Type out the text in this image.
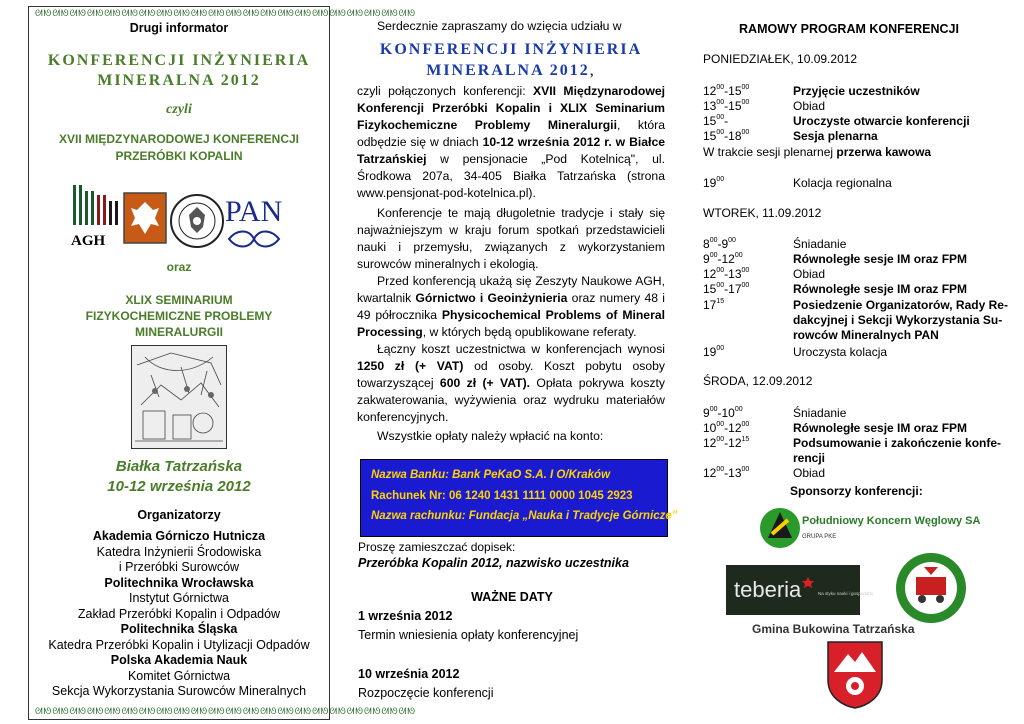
ᘛᘚᘛᘚᘛᘚᘛᘚᘛᘚᘛᘚᘛᘚᘛᘚᘛᘚᘛᘚᘛᘚᘛᘚᘛᘚᘛᘚᘛᘚᘛᘚᘛᘚᘛᘚᘛᘚᘛᘚᘛᘚᘛᘚ
Drugi informator
KONFERENCJI INŻYNIERIA
MINERALNA 2012
czyli
XVII MIĘDZYNARODOWEJ KONFERENCJI
PRZERÓBKI KOPALIN
AGH
PAN
oraz
XLIX SEMINARIUM
FIZYKOCHEMICZNE PROBLEMY
MINERALURGII
Białka Tatrzańska
10-12 września 2012
Organizatorzy
Akademia Górniczo Hutnicza
Katedra Inżynierii Środowiska
i Przeróbki Surowców
Politechnika Wrocławska
Instytut Górnictwa
Zakład Przeróbki Kopalin i Odpadów
Politechnika Śląska
Katedra Przeróbki Kopalin i Utylizacji Odpadów
Polska Akademia Nauk
Komitet Górnictwa
Sekcja Wykorzystania Surowców Mineralnych
ᘛᘚᘛᘚᘛᘚᘛᘚᘛᘚᘛᘚᘛᘚᘛᘚᘛᘚᘛᘚᘛᘚᘛᘚᘛᘚᘛᘚᘛᘚᘛᘚᘛᘚᘛᘚᘛᘚᘛᘚᘛᘚᘛᘚ
Serdecznie zapraszamy do wzięcia udziału w
KONFERENCJI INŻYNIERIA
MINERALNA 2012,
czyli połączonych konferencji: XVII Międzynarodowej Konferencji Przeróbki Kopalin i XLIX Seminarium Fizykochemiczne Problemy Mineralurgii, która odbędzie się w dniach 10-12 września 2012 r. w Białce Tatrzańskiej w pensjonacie „Pod Kotelnicą", ul. Środkowa 207a, 34-405 Białka Tatrzańska (strona www.pensjonat-pod-kotelnica.pl).
Konferencje te mają długoletnie tradycje i stały się najważniejszym w kraju forum spotkań przedstawicieli nauki i przemysłu, związanych z wykorzystaniem surowców mineralnych i ekologią.
Przed konferencją ukażą się Zeszyty Naukowe AGH, kwartalnik Górnictwo i Geoinżynieria oraz numery 48 i 49 półrocznika Physicochemical Problems of Mineral Processing, w których będą opublikowane referaty.
Łączny koszt uczestnictwa w konferencjach wynosi 1250 zł (+ VAT) od osoby. Koszt pobytu osoby towarzyszącej 600 zł (+ VAT). Opłata pokrywa koszty zakwaterowania, wyżywienia oraz wydruku materiałów konferencyjnych.
Wszystkie opłaty należy wpłacić na konto:
Nazwa Banku: Bank PeKaO S.A. I O/Kraków
Rachunek Nr: 06 1240 1431 1111 0000 1045 2923
Nazwa rachunku: Fundacja „Nauka i Tradycje Górnicze"
Proszę zamieszczać dopisek:
Przeróbka Kopalin 2012, nazwisko uczestnika
WAŻNE DATY
1 września 2012
Termin wniesienia opłaty konferencyjnej
10 września 2012
Rozpoczęcie konferencji
RAMOWY PROGRAM KONFERENCJI
PONIEDZIAŁEK, 10.09.2012
$12^{00}-15^{00}$	Przyjęcie uczestników
$13^{00}-15^{00}$	Obiad
$15^{00}-$	Uroczyste otwarcie konferencji
$15^{00}-18^{00}$	Sesja plenarna
W trakcie sesji plenarnej przerwa kawowa
$19^{00}$	Kolacja regionalna
WTOREK, 11.09.2012
$8^{00}-9^{00}$	Śniadanie
$9^{00}-12^{00}$	Równoległe sesje IM oraz FPM
$12^{00}-13^{00}$	Obiad
$15^{00}-17^{00}$	Równoległe sesje IM oraz FPM
$17^{15}$	Posiedzenie Organizatorów, Rady Re-
dakcyjnej i Sekcji Wykorzystania Su-
rowców Mineralnych PAN
$19^{00}$	Uroczysta kolacja
ŚRODA, 12.09.2012
$9^{00}-10^{00}$	Śniadanie
$10^{00}-12^{00}$	Równoległe sesje IM oraz FPM
$12^{00}-12^{15}$	Podsumowanie i zakończenie konfe-
rencji
$12^{00}-13^{00}$	Obiad
Sponsorzy konferencji:
Południowy Koncern Węglowy SA
GRUPA PKE
teberia	Na styku nauki i gospodarki
Gmina Bukowina Tatrzańska
